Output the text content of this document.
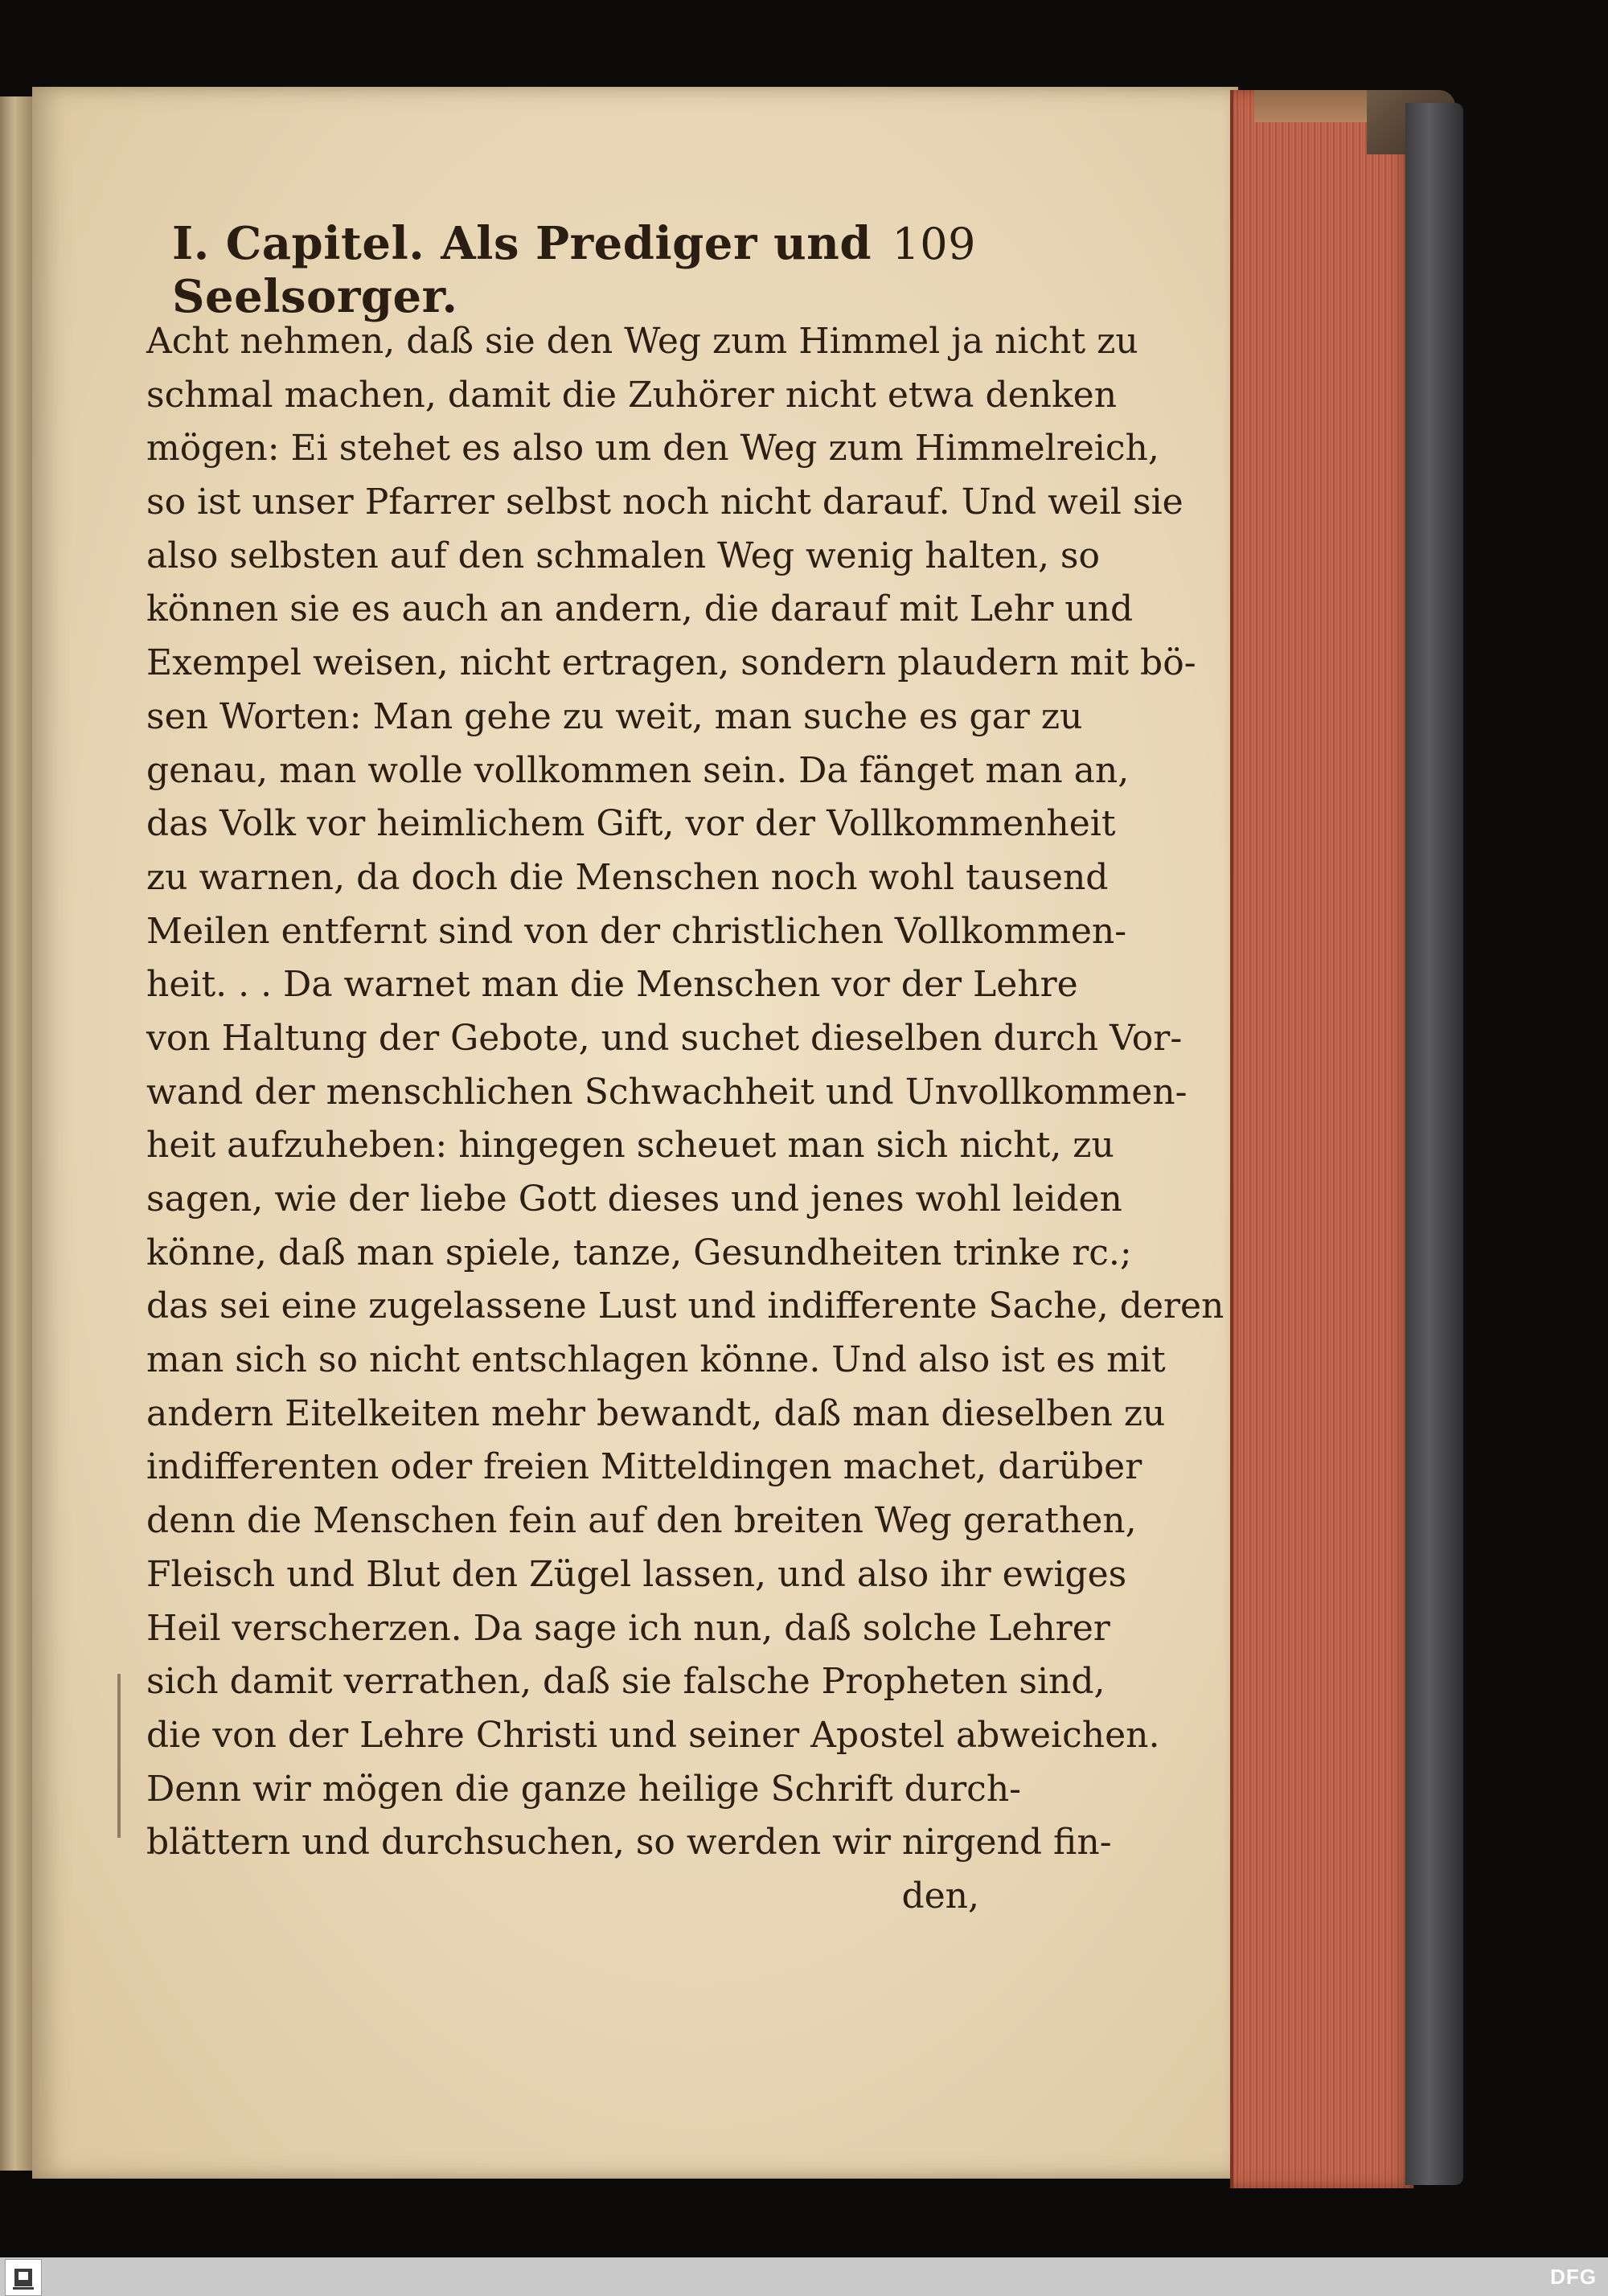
I. Capitel. Als Prediger und Seelsorger.
109
Acht nehmen, daß sie den Weg zum Himmel ja nicht zu
schmal machen, damit die Zuhörer nicht etwa denken
mögen: Ei stehet es also um den Weg zum Himmelreich,
so ist unser Pfarrer selbst noch nicht darauf. Und weil sie
also selbsten auf den schmalen Weg wenig halten, so
können sie es auch an andern, die darauf mit Lehr und
Exempel weisen, nicht ertragen, sondern plaudern mit bö-
sen Worten: Man gehe zu weit, man suche es gar zu
genau, man wolle vollkommen sein. Da fänget man an,
das Volk vor heimlichem Gift, vor der Vollkommenheit
zu warnen, da doch die Menschen noch wohl tausend
Meilen entfernt sind von der christlichen Vollkommen-
heit. . . Da warnet man die Menschen vor der Lehre
von Haltung der Gebote, und suchet dieselben durch Vor-
wand der menschlichen Schwachheit und Unvollkommen-
heit aufzuheben: hingegen scheuet man sich nicht, zu
sagen, wie der liebe Gott dieses und jenes wohl leiden
könne, daß man spiele, tanze, Gesundheiten trinke rc.;
das sei eine zugelassene Lust und indifferente Sache, deren
man sich so nicht entschlagen könne. Und also ist es mit
andern Eitelkeiten mehr bewandt, daß man dieselben zu
indifferenten oder freien Mitteldingen machet, darüber
denn die Menschen fein auf den breiten Weg gerathen,
Fleisch und Blut den Zügel lassen, und also ihr ewiges
Heil verscherzen. Da sage ich nun, daß solche Lehrer
sich damit verrathen, daß sie falsche Propheten sind,
die von der Lehre Christi und seiner Apostel abweichen.
Denn wir mögen die ganze heilige Schrift durch-
blättern und durchsuchen, so werden wir nirgend fin-
den,
DFG
